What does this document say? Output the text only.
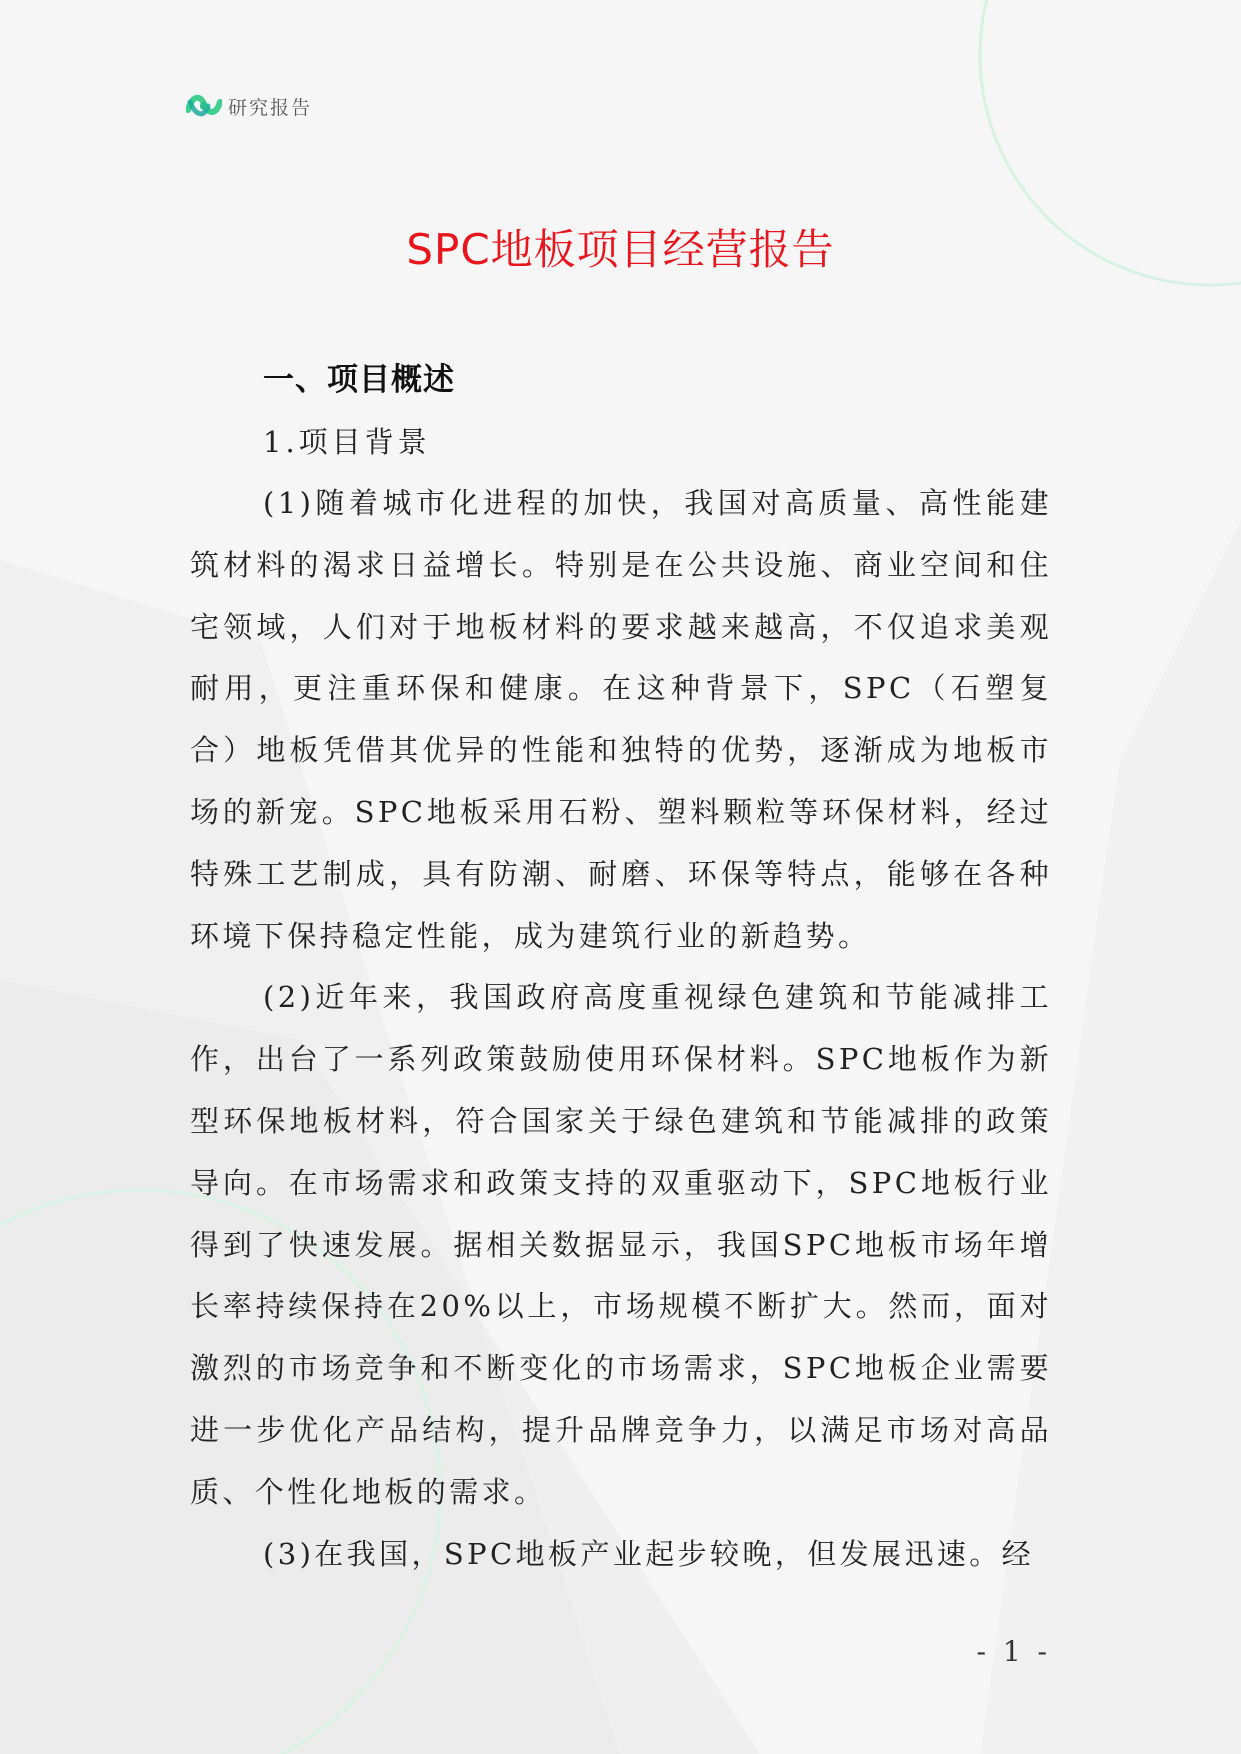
研究报告
SPC地板项目经营报告
一、项目概述
1.项目背景

(1)随着城市化进程的加快，我国对高质量、高性能建筑材料的渴求日益增长。特别是在公共设施、商业空间和住宅领域，人们对于地板材料的要求越来越高，不仅追求美观耐用，更注重环保和健康。在这种背景下，SPC（石塑复合）地板凭借其优异的性能和独特的优势，逐渐成为地板市场的新宠。SPC地板采用石粉、塑料颗粒等环保材料，经过特殊工艺制成，具有防潮、耐磨、环保等特点，能够在各种环境下保持稳定性能，成为建筑行业的新趋势。

(2)近年来，我国政府高度重视绿色建筑和节能减排工作，出台了一系列政策鼓励使用环保材料。SPC地板作为新型环保地板材料，符合国家关于绿色建筑和节能减排的政策导向。在市场需求和政策支持的双重驱动下，SPC地板行业得到了快速发展。据相关数据显示，我国SPC地板市场年增长率持续保持在20%以上，市场规模不断扩大。然而，面对激烈的市场竞争和不断变化的市场需求，SPC地板企业需要进一步优化产品结构，提升品牌竞争力，以满足市场对高品质、个性化地板的需求。

(3)在我国，SPC地板产业起步较晚，但发展迅速。经

- 1 -
